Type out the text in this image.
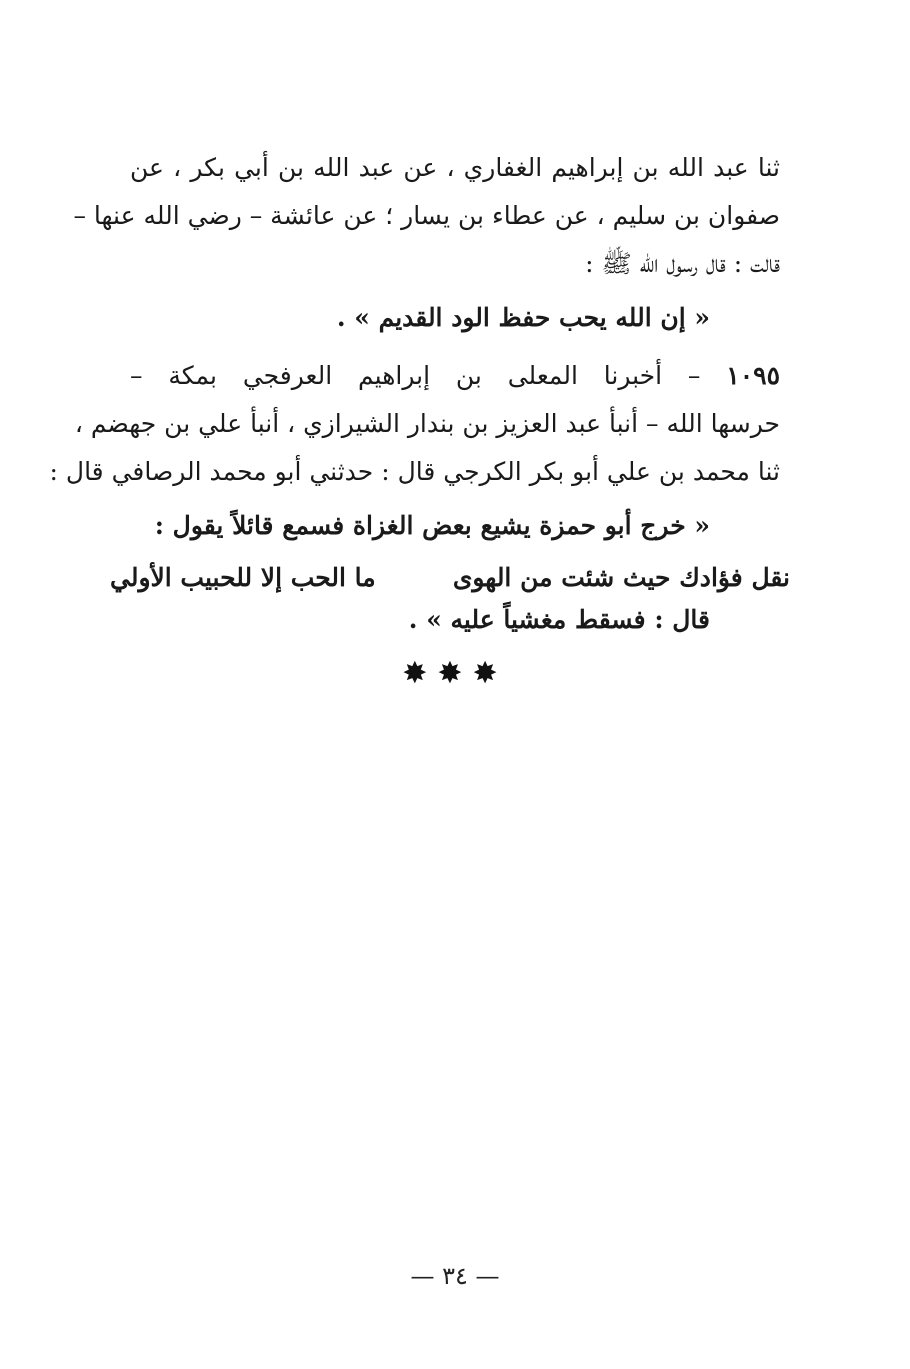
ثنا عبد الله بن إبراهيم الغفاري ، عن عبد الله بن أبي بكر ، عن
صفوان بن سليم ، عن عطاء بن يسار ؛ عن عائشة – رضي الله عنها –
قالت : قال رسول الله ﷺ :
« إن الله يحب حفظ الود القديم » .
١٠٩٥ – أخبرنا المعلى بن إبراهيم العرفجي بمكة –
حرسها الله – أنبأ عبد العزيز بن بندار الشيرازي ، أنبأ علي بن جهضم ،
ثنا محمد بن علي أبو بكر الكرجي قال : حدثني أبو محمد الرصافي قال :
« خرج أبو حمزة يشيع بعض الغزاة فسمع قائلاً يقول :
نقل فؤادك حيث شئت من الهوى
ما الحب إلا للحبيب الأولي
قال : فسقط مغشياً عليه » .
✸✸✸
— ٣٤ —
